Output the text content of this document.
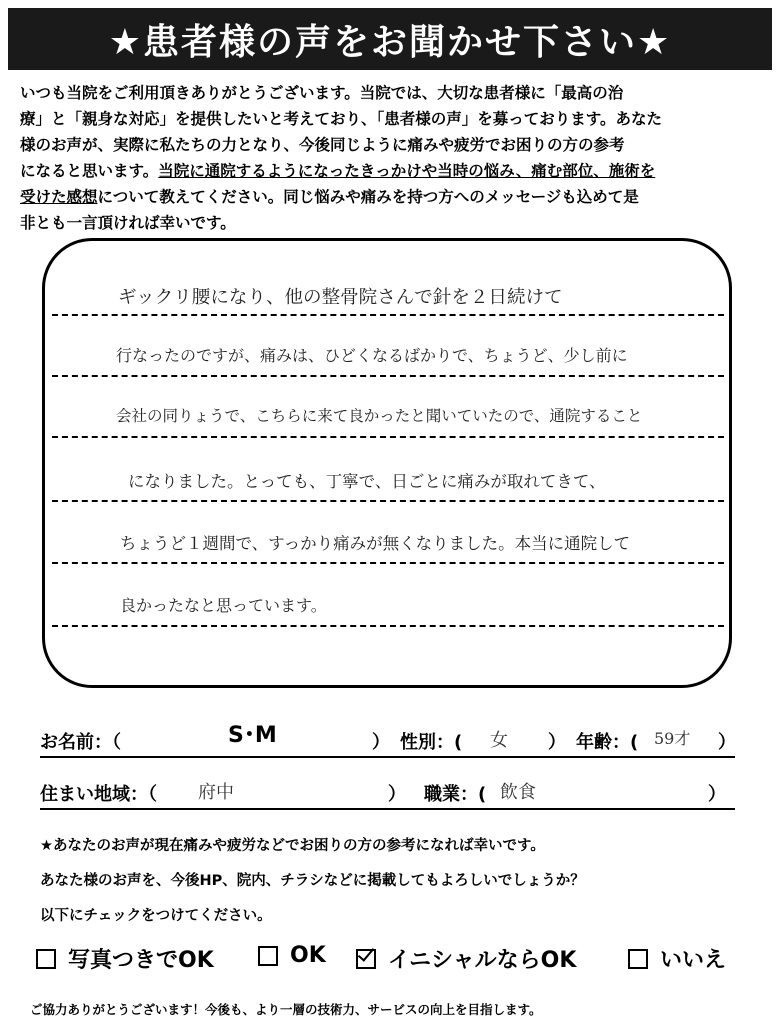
★患者様の声をお聞かせ下さい★
いつも当院をご利用頂きありがとうございます。当院では、大切な患者様に「最高の治
療」と「親身な対応」を提供したいと考えており、「患者様の声」を募っております。あなた
様のお声が、実際に私たちの力となり、今後同じように痛みや疲労でお困りの方の参考
になると思います。当院に通院するようになったきっかけや当時の悩み、痛む部位、施術を
受けた感想について教えてください。同じ悩みや痛みを持つ方へのメッセージも込めて是
非とも一言頂ければ幸いです。
ギックリ腰になり、他の整骨院さんで針を２日続けて
行なったのですが、痛みは、ひどくなるばかりで、ちょうど、少し前に
会社の同りょうで、こちらに来て良かったと聞いていたので、通院すること
になりました。とっても、丁寧で、日ごとに痛みが取れてきて、
ちょうど１週間で、すっかり痛みが無くなりました。本当に通院して
良かったなと思っています。
お名前：（	S･M	） 性別：( 女 ） 年齢：( 59才 ）
住まい地域：（ 府中	） 職業：( 飲食	）
★あなたのお声が現在痛みや疲労などでお困りの方の参考になれば幸いです。
あなた様のお声を、今後HP、院内、チラシなどに掲載してもよろしいでしょうか？
以下にチェックをつけてください。
写真つきでOK	OK	イニシャルならOK	いいえ
ご協力ありがとうございます！今後も、より一層の技術力、サービスの向上を目指します。
